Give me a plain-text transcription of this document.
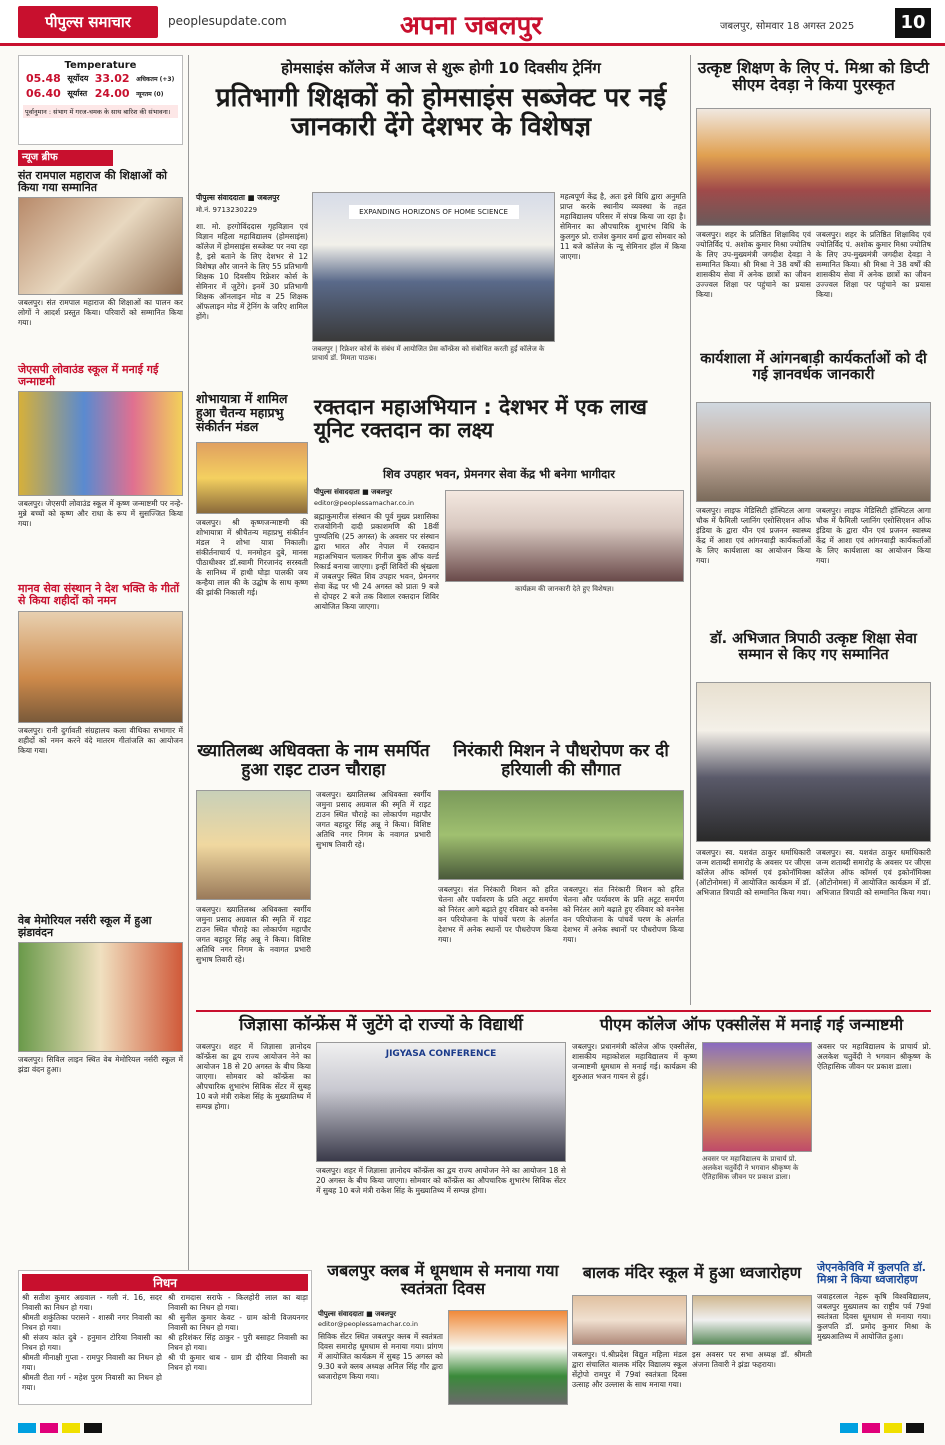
पीपुल्स समाचार	peoplesupdate.com	अपना जबलपुर	जबलपुर, सोमवार 18 अगस्त 2025	10
Temperature
05.48	सूर्योदय	33.02	अधिकतम (+3)
06.40	सूर्यास्त	24.00	न्यूनतम (0)
पूर्वानुमान : संभाग में गरज-चमक के साथ बारिश की संभावना।
न्यूज ब्रीफ
संत रामपाल महाराज की शिक्षाओं को किया गया सम्मानित
जबलपुर। संत रामपाल महाराज की शिक्षाओं का पालन कर लोगों ने आदर्श प्रस्तुत किया। परिवारों को सम्मानित किया गया।
जेएसपी लोवाउंड स्कूल में मनाई गई जन्माष्टमी
जबलपुर। जेएसपी लोवाउंड स्कूल में कृष्ण जन्माष्टमी पर नन्हे-मुन्ने बच्चों को कृष्ण और राधा के रूप में सुसज्जित किया गया।
मानव सेवा संस्थान ने देश भक्ति के गीतों से किया शहीदों को नमन
जबलपुर। रानी दुर्गावती संग्रहालय कला वीथिका सभागार में शहीदों को नमन करने वंदे मातरम गीतांजलि का आयोजन किया गया।
वेब मेमोरियल नर्सरी स्कूल में हुआ झंडावंदन
जबलपुर। सिविल लाइन स्थित वेब मेमोरियल नर्सरी स्कूल में झंडा वंदन हुआ।
होमसाइंस कॉलेज में आज से शुरू होगी 10 दिवसीय ट्रेनिंग
प्रतिभागी शिक्षकों को होमसाइंस सब्जेक्ट पर नई जानकारी देंगे देशभर के विशेषज्ञ
पीपुल्स संवाददाता ■ जबलपुर
मो.नं. 9713230229
शा. मो. हरगोविंददास गृहविज्ञान एवं विज्ञान महिला महाविद्यालय (होमसाइंस) कॉलेज में होमसाइंस सब्जेक्ट पर नया रहा है, इसे बताने के लिए देशभर से 12 विशेषज्ञ और जानने के लिए 55 प्रतिभागी शिक्षक 10 दिवसीय रिफ्रेशर कोर्स के सेमिनार में जुटेंगे। इनमें 30 प्रतिभागी शिक्षक ऑनलाइन मोड व 25 शिक्षक ऑफलाइन मोड में ट्रेनिंग के जरिए शामिल होंगे।
EXPANDING HORIZONS OF HOME SCIENCE
जबलपुर | रिफ्रेशर कोर्स के संबंध में आयोजित प्रेस कॉन्फ्रेंस को संबोधित करती हुईं कॉलेज के प्राचार्य डॉ. मिमता पाठक।
महत्वपूर्ण केंद्र है, अतः इसे विधि द्वारा अनुमति प्राप्त करके स्थानीय व्यवस्था के तहत महाविद्यालय परिसर में संपन्न किया जा रहा है। सेमिनार का औपचारिक शुभारंभ विधि के कुलगुरु प्रो. राजेश कुमार वर्मा द्वारा सोमवार को 11 बजे कॉलेज के न्यू सेमिनार हॉल में किया जाएगा।
शोभायात्रा में शामिल हुआ चैतन्य महाप्रभु संकीर्तन मंडल
जबलपुर। श्री कृष्णजन्माष्टमी की शोभायात्रा में श्रीचैतन्य महाप्रभु संकीर्तन मंडल ने शोभा यात्रा निकाली। संकीर्तनाचार्य पं. मनमोहन दुबे, मानस पीठाधीश्वर डॉ.स्वामी गिरजानंद सरस्वती के सानिध्य में हाथी घोड़ा पालकी जय कन्हैया लाल की के उद्घोष के साथ कृष्ण की झांकी निकाली गई।
रक्तदान महाअभियान : देशभर में एक लाख यूनिट रक्तदान का लक्ष्य
शिव उपहार भवन, प्रेमनगर सेवा केंद्र भी बनेगा भागीदार
पीपुल्स संवाददाता ■ जबलपुर
editor@peoplessamachar.co.in
ब्रह्माकुमारीज संस्थान की पूर्व मुख्य प्रशासिका राजयोगिनी दादी प्रकाशमणि की 18वीं पुण्यतिथि (25 अगस्त) के अवसर पर संस्थान द्वारा भारत और नेपाल में रक्तदान महाअभियान चलाकर गिनीज बुक ऑफ वर्ल्ड रिकार्ड बनाया जाएगा। इन्हीं शिविरों की श्रृंखला में जबलपुर स्थित शिव उपहार भवन, प्रेमनगर सेवा केंद्र पर भी 24 अगस्त को प्रातः 9 बजे से दोपहर 2 बजे तक विशाल रक्तदान शिविर आयोजित किया जाएगा।
कार्यक्रम की जानकारी देते हुए विशेषज्ञ।
ख्यातिलब्ध अधिवक्ता के नाम समर्पित हुआ राइट टाउन चौराहा
जबलपुर। ख्यातिलब्ध अधिवक्ता स्वर्गीय जमुना प्रसाद अग्रवाल की स्मृति में राइट टाउन स्थित चौराहे का लोकार्पण महापौर जगत बहादुर सिंह अन्नू ने किया। विशिष्ट अतिथि नगर निगम के नवागत प्रभारी सुभाष तिवारी रहे।
जबलपुर। ख्यातिलब्ध अधिवक्ता स्वर्गीय जमुना प्रसाद अग्रवाल की स्मृति में राइट टाउन स्थित चौराहे का लोकार्पण महापौर जगत बहादुर सिंह अन्नू ने किया। विशिष्ट अतिथि नगर निगम के नवागत प्रभारी सुभाष तिवारी रहे।
निरंकारी मिशन ने पौधरोपण कर दी हरियाली की सौगात
जबलपुर। संत निरंकारी मिशन को हरित चेतना और पर्यावरण के प्रति अटूट समर्पण को निरंतर आगे बढ़ाते हुए रविवार को वननेस वन परियोजना के पांचवें चरण के अंतर्गत देशभर में अनेक स्थानों पर पौधरोपण किया गया।
जबलपुर। संत निरंकारी मिशन को हरित चेतना और पर्यावरण के प्रति अटूट समर्पण को निरंतर आगे बढ़ाते हुए रविवार को वननेस वन परियोजना के पांचवें चरण के अंतर्गत देशभर में अनेक स्थानों पर पौधरोपण किया गया।
जिज्ञासा कॉन्फ्रेंस में जुटेंगे दो राज्यों के विद्यार्थी
जबलपुर। शहर में जिज्ञासा ज्ञानोदय कॉन्फ्रेंस का द्वय राज्य आयोजन नेने का आयोजन 18 से 20 अगस्त के बीच किया जाएगा। सोमवार को कॉन्फ्रेंस का औपचारिक शुभारंभ सिविक सेंटर में सुबह 10 बजे मंत्री राकेश सिंह के मुख्यातिथ्य में सम्पन्न होगा।
JIGYASA CONFERENCE
जबलपुर। शहर में जिज्ञासा ज्ञानोदय कॉन्फ्रेंस का द्वय राज्य आयोजन नेने का आयोजन 18 से 20 अगस्त के बीच किया जाएगा। सोमवार को कॉन्फ्रेंस का औपचारिक शुभारंभ सिविक सेंटर में सुबह 10 बजे मंत्री राकेश सिंह के मुख्यातिथ्य में सम्पन्न होगा।
पीएम कॉलेज ऑफ एक्सीलेंस में मनाई गई जन्माष्टमी
जबलपुर। प्रधानमंत्री कॉलेज ऑफ एक्सीलेंस, शासकीय महाकोशल महाविद्यालय में कृष्ण जन्माष्टमी धूमधाम से मनाई गई। कार्यक्रम की शुरुआत भजन गायन से हुई।
अवसर पर महाविद्यालय के प्राचार्य प्रो. अलकेश चतुर्वेदी ने भगवान श्रीकृष्ण के ऐतिहासिक जीवन पर प्रकाश डाला।
अवसर पर महाविद्यालय के प्राचार्य प्रो. अलकेश चतुर्वेदी ने भगवान श्रीकृष्ण के ऐतिहासिक जीवन पर प्रकाश डाला।
निधन
श्री सतीश कुमार अग्रवाल - गली नं. 16, सदर निवासी का निधन हो गया।
श्रीमती शकुंतिका परासने - शास्त्री नगर निवासी का निधन हो गया।
श्री संजय कांत दुबे - हनुमान टोरिया निवासी का निधन हो गया।
श्रीमती मीनाक्षी गुप्ता - रामपुर निवासी का निधन हो गया।
श्रीमती रीता गर्ग - महेश पुरम निवासी का निधन हो गया।
श्री रामदास सराफे - किलहोरी लाल का बाड़ा निवासी का निधन हो गया।
श्री सुनील कुमार केवट - ग्राम कोनी विजयनगर निवासी का निधन हो गया।
श्री हरिशंकर सिंह ठाकुर - पुरी बसाहट निवासी का निधन हो गया।
श्री पी कुमार थाब - ग्राम डी दौरिया निवासी का निधन हो गया।
जबलपुर क्लब में धूमधाम से मनाया गया स्वतंत्रता दिवस
पीपुल्स संवाददाता ■ जबलपुर
editor@peoplessamachar.co.in
सिविक सेंटर स्थित जबलपुर क्लब में स्वतंत्रता दिवस समारोह धूमधाम से मनाया गया। प्रांगण में आयोजित कार्यक्रम में सुबह 15 अगस्त को 9.30 बजे क्लब अध्यक्ष अनिल सिंह गौर द्वारा ध्वजारोहण किया गया।
बालक मंदिर स्कूल में हुआ ध्वजारोहण
जबलपुर। पं.श्रीप्रदेश विद्युत महिला मंडल द्वारा संचालित बालक मंदिर विद्यालय स्कूल सेंट्रोपो रामपुर में 79वां स्वतंत्रता दिवस उत्साह और उल्लास के साथ मनाया गया।
इस अवसर पर सभा अध्यक्ष डॉ. श्रीमती अंजना तिवारी ने झंडा फहराया।
जेएनकेविवि में कुलपति डॉ. मिश्रा ने किया ध्वजारोहण
जवाहरलाल नेहरू कृषि विश्वविद्यालय, जबलपुर मुख्यालय का राष्ट्रीय पर्व 79वां स्वतंत्रता दिवस धूमधाम से मनाया गया। कुलपति डॉ. प्रमोद कुमार मिश्रा के मुख्यआतिथ्य में आयोजित हुआ।
उत्कृष्ट शिक्षण के लिए पं. मिश्रा को डिप्टी सीएम देवड़ा ने किया पुरस्कृत
जबलपुर। शहर के प्रतिष्ठित शिक्षाविद एवं ज्योतिर्विद पं. अशोक कुमार मिश्रा ज्योतिष के लिए उप-मुख्यमंत्री जगदीश देवड़ा ने सम्मानित किया। श्री मिश्रा ने 38 वर्षों की शासकीय सेवा में अनेक छात्रों का जीवन उज्ज्वल शिक्षा पर पहुंचाने का प्रयास किया।
जबलपुर। शहर के प्रतिष्ठित शिक्षाविद एवं ज्योतिर्विद पं. अशोक कुमार मिश्रा ज्योतिष के लिए उप-मुख्यमंत्री जगदीश देवड़ा ने सम्मानित किया। श्री मिश्रा ने 38 वर्षों की शासकीय सेवा में अनेक छात्रों का जीवन उज्ज्वल शिक्षा पर पहुंचाने का प्रयास किया।
कार्यशाला में आंगनबाड़ी कार्यकर्ताओं को दी गई ज्ञानवर्धक जानकारी
जबलपुर। लाइफ मेडिसिटी हॉस्पिटल आगा चौक में फैमिली प्लानिंग एसोसिएशन ऑफ इंडिया के द्वारा यौन एवं प्रजनन स्वास्थ्य केंद्र में आशा एवं आंगनवाड़ी कार्यकर्ताओं के लिए कार्यशाला का आयोजन किया गया।
जबलपुर। लाइफ मेडिसिटी हॉस्पिटल आगा चौक में फैमिली प्लानिंग एसोसिएशन ऑफ इंडिया के द्वारा यौन एवं प्रजनन स्वास्थ्य केंद्र में आशा एवं आंगनवाड़ी कार्यकर्ताओं के लिए कार्यशाला का आयोजन किया गया।
डॉ. अभिजात त्रिपाठी उत्कृष्ट शिक्षा सेवा सम्मान से किए गए सम्मानित
जबलपुर। स्व. यशवंत ठाकुर धर्माधिकारी जन्म शताब्दी समारोह के अवसर पर जीएस कॉलेज ऑफ कॉमर्स एवं इकोनॉमिक्स (ऑटोनोमस) में आयोजित कार्यक्रम में डॉ. अभिजात त्रिपाठी को सम्मानित किया गया।
जबलपुर। स्व. यशवंत ठाकुर धर्माधिकारी जन्म शताब्दी समारोह के अवसर पर जीएस कॉलेज ऑफ कॉमर्स एवं इकोनॉमिक्स (ऑटोनोमस) में आयोजित कार्यक्रम में डॉ. अभिजात त्रिपाठी को सम्मानित किया गया।
